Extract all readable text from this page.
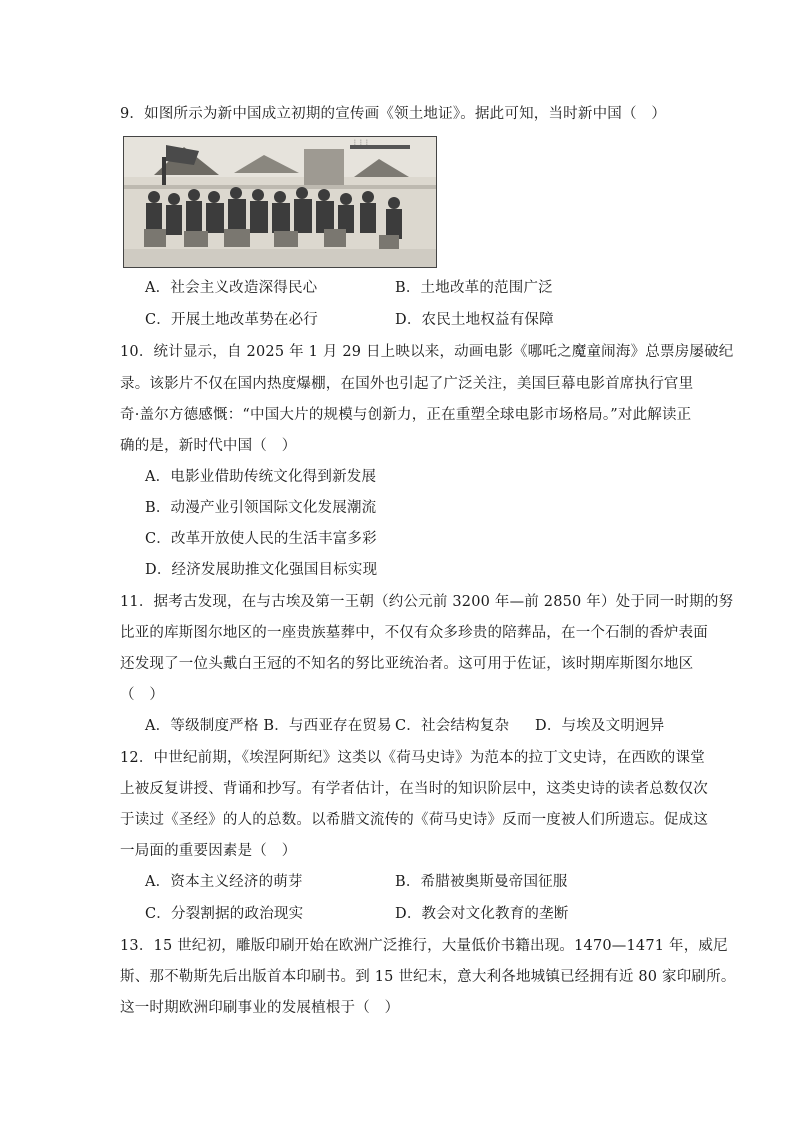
9．如图所示为新中国成立初期的宣传画《领土地证》。据此可知，当时新中国（　）
⋮⋮⋮
A．社会主义改造深得民心	B．土地改革的范围广泛
C．开展土地改革势在必行	D．农民土地权益有保障
10．统计显示，自 2025 年 1 月 29 日上映以来，动画电影《哪吒之魔童闹海》总票房屡破纪
录。该影片不仅在国内热度爆棚，在国外也引起了广泛关注，美国巨幕电影首席执行官里
奇·盖尔方德感慨：“中国大片的规模与创新力，正在重塑全球电影市场格局。”对此解读正
确的是，新时代中国（　）
A．电影业借助传统文化得到新发展
B．动漫产业引领国际文化发展潮流
C．改革开放使人民的生活丰富多彩
D．经济发展助推文化强国目标实现
11．据考古发现，在与古埃及第一王朝（约公元前 3200 年—前 2850 年）处于同一时期的努
比亚的库斯图尔地区的一座贵族墓葬中，不仅有众多珍贵的陪葬品，在一个石制的香炉表面
还发现了一位头戴白王冠的不知名的努比亚统治者。这可用于佐证，该时期库斯图尔地区
（　）
A．等级制度严格 B．与西亚存在贸易 C．社会结构复杂 D．与埃及文明迥异
12．中世纪前期，《埃涅阿斯纪》这类以《荷马史诗》为范本的拉丁文史诗，在西欧的课堂
上被反复讲授、背诵和抄写。有学者估计，在当时的知识阶层中，这类史诗的读者总数仅次
于读过《圣经》的人的总数。以希腊文流传的《荷马史诗》反而一度被人们所遗忘。促成这
一局面的重要因素是（　）
A．资本主义经济的萌芽	B．希腊被奥斯曼帝国征服
C．分裂割据的政治现实	D．教会对文化教育的垄断
13．15 世纪初，雕版印刷开始在欧洲广泛推行，大量低价书籍出现。1470—1471 年，威尼
斯、那不勒斯先后出版首本印刷书。到 15 世纪末，意大利各地城镇已经拥有近 80 家印刷所。
这一时期欧洲印刷事业的发展植根于（　）
